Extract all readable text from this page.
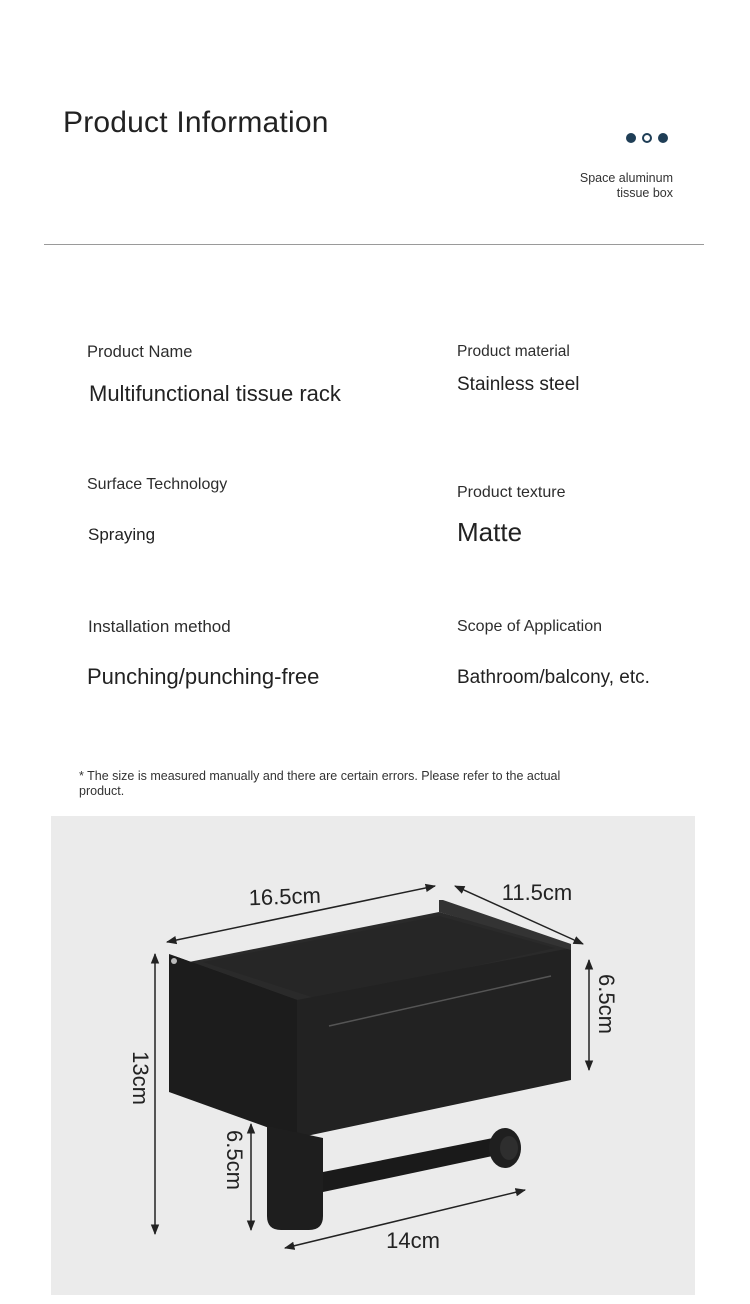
Product Information
Space aluminum
tissue box
Product Name
Multifunctional tissue rack
Surface Technology
Spraying
Installation method
Punching/punching-free
Product material
Stainless steel
Product texture
Matte
Scope of Application
Bathroom/balcony, etc.
* The size is measured manually and there are certain errors. Please refer to the actual product.
16.5cm	11.5cm
6.5cm
13cm
6.5cm
14cm
